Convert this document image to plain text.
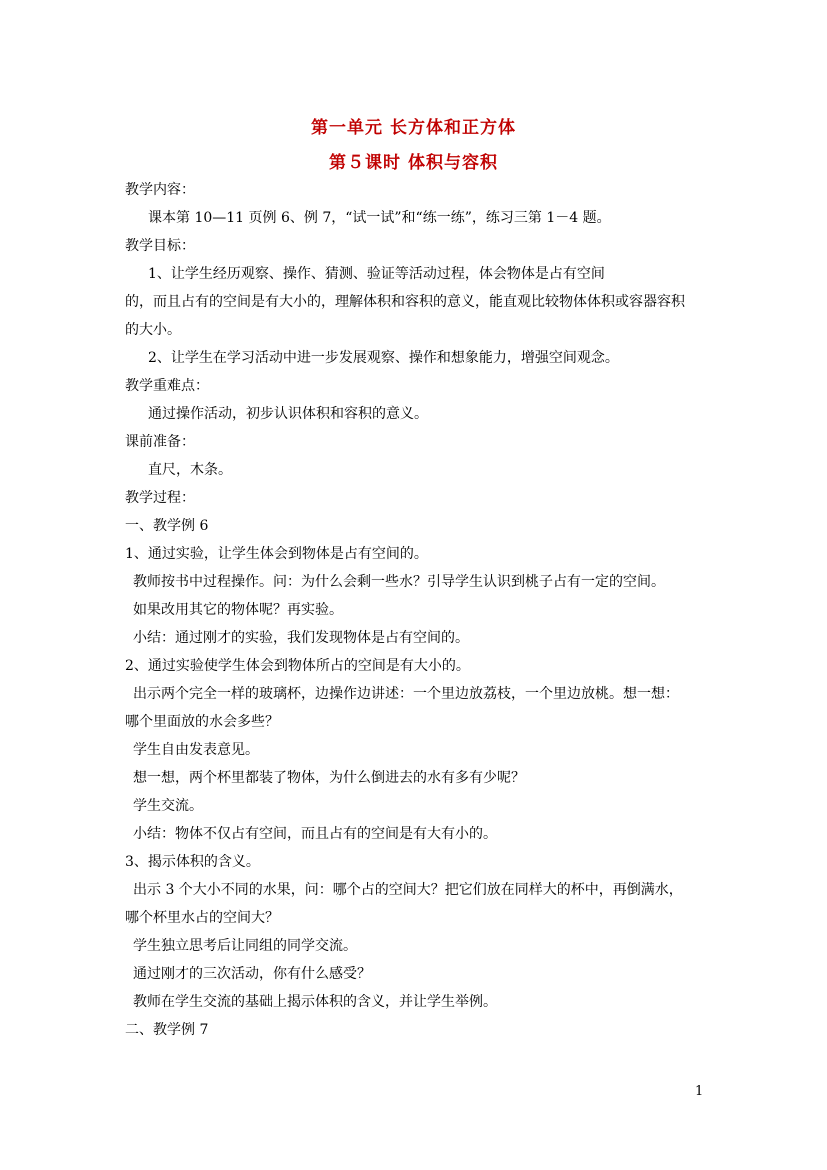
第一单元 长方体和正方体
第５课时 体积与容积
教学内容：
课本第 10—11 页例 6、例 7，“试一试”和“练一练”，练习三第 1－4 题。
教学目标：
1、让学生经历观察、操作、猜测、验证等活动过程，体会物体是占有空间
的，而且占有的空间是有大小的，理解体积和容积的意义，能直观比较物体体积或容器容积
的大小。
2、让学生在学习活动中进一步发展观察、操作和想象能力，增强空间观念。
教学重难点：
通过操作活动，初步认识体积和容积的意义。
课前准备：
直尺，木条。
教学过程：
一、教学例 6
1、通过实验，让学生体会到物体是占有空间的。
教师按书中过程操作。问：为什么会剩一些水？引导学生认识到桃子占有一定的空间。
如果改用其它的物体呢？再实验。
小结：通过刚才的实验，我们发现物体是占有空间的。
2、通过实验使学生体会到物体所占的空间是有大小的。
出示两个完全一样的玻璃杯，边操作边讲述：一个里边放荔枝，一个里边放桃。想一想：
哪个里面放的水会多些？
学生自由发表意见。
想一想，两个杯里都装了物体，为什么倒进去的水有多有少呢？
学生交流。
小结：物体不仅占有空间，而且占有的空间是有大有小的。
3、揭示体积的含义。
出示 3 个大小不同的水果，问：哪个占的空间大？把它们放在同样大的杯中，再倒满水，
哪个杯里水占的空间大？
学生独立思考后让同组的同学交流。
通过刚才的三次活动，你有什么感受？
教师在学生交流的基础上揭示体积的含义，并让学生举例。
二、教学例 7
1
